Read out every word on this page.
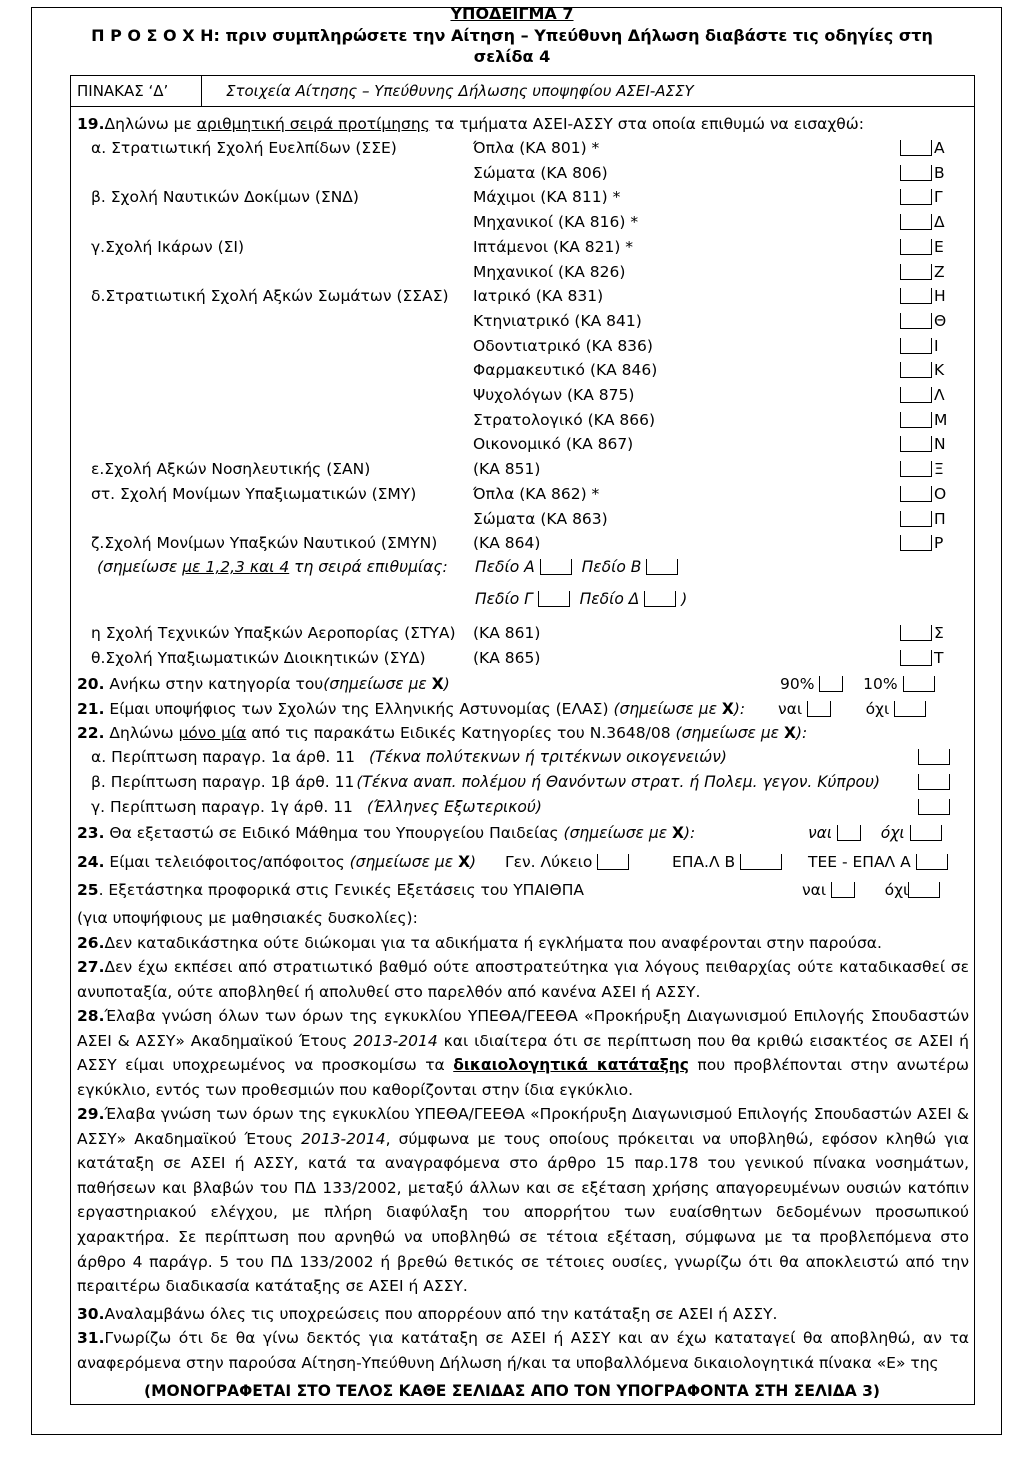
ΥΠΟΔΕΙΓΜΑ 7
Π Ρ Ο Σ Ο Χ Η: πριν συμπληρώσετε την Αίτηση – Υπεύθυνη Δήλωση διαβάστε τις οδηγίες στη
σελίδα 4
ΠΙΝΑΚΑΣ ‘Δ’	Στοιχεία Αίτησης – Υπεύθυνης Δήλωσης υποψηφίου ΑΣΕΙ-ΑΣΣΥ
19.Δηλώνω με αριθμητική σειρά προτίμησης τα τμήματα ΑΣΕΙ-ΑΣΣΥ στα οποία επιθυμώ να εισαχθώ:
α. Στρατιωτική Σχολή Ευελπίδων (ΣΣΕ)	Όπλα (ΚΑ 801) *	Α
Σώματα (ΚΑ 806)	Β
β. Σχολή Ναυτικών Δοκίμων (ΣΝΔ)	Μάχιμοι (ΚΑ 811) *	Γ
Μηχανικοί (ΚΑ 816) *	Δ
γ.Σχολή Ικάρων (ΣΙ)	Ιπτάμενοι (ΚΑ 821) *	Ε
Μηχανικοί (ΚΑ 826)	Ζ
δ.Στρατιωτική Σχολή Αξκών Σωμάτων (ΣΣΑΣ) Ιατρικό (ΚΑ 831)	Η
Κτηνιατρικό (ΚΑ 841)	Θ
Οδοντιατρικό (ΚΑ 836)	Ι
Φαρμακευτικό (ΚΑ 846)	Κ
Ψυχολόγων (ΚΑ 875)	Λ
Στρατολογικό (ΚΑ 866)	Μ
Οικονομικό (ΚΑ 867)	Ν
ε.Σχολή Αξκών Νοσηλευτικής (ΣΑΝ)	(ΚΑ 851)	Ξ
στ. Σχολή Μονίμων Υπαξιωματικών (ΣΜΥ)	Όπλα (ΚΑ 862) *	Ο
Σώματα (ΚΑ 863)	Π
ζ.Σχολή Μονίμων Υπαξκών Ναυτικού (ΣΜΥΝ) (ΚΑ 864)	Ρ
(σημείωσε με 1,2,3 και 4 τη σειρά επιθυμίας: Πεδίο Α	Πεδίο Β
Πεδίο Γ	Πεδίο Δ	)
η Σχολή Τεχνικών Υπαξκών Αεροπορίας (ΣΤΥΑ) (ΚΑ 861)	Σ
θ.Σχολή Υπαξιωματικών Διοικητικών (ΣΥΔ)	(ΚΑ 865)	Τ
20. Ανήκω στην κατηγορία του(σημείωσε με Χ)	90%	10%
21. Είμαι υποψήφιος των Σχολών της Ελληνικής Αστυνομίας (ΕΛΑΣ) (σημείωσε με Χ): ναι	όχι
22. Δηλώνω μόνο μία από τις παρακάτω Ειδικές Κατηγορίες του Ν.3648/08 (σημείωσε με Χ):
α. Περίπτωση παραγρ. 1α άρθ. 11 (Τέκνα πολύτεκνων ή τριτέκνων οικογενειών)
β. Περίπτωση παραγρ. 1β άρθ. 11 (Τέκνα αναπ. πολέμου ή Θανόντων στρατ. ή Πολεμ. γεγον. Κύπρου)
γ. Περίπτωση παραγρ. 1γ άρθ. 11 (Έλληνες Εξωτερικού)
23. Θα εξεταστώ σε Ειδικό Μάθημα του Υπουργείου Παιδείας (σημείωσε με Χ):	ναι	όχι
24. Είμαι τελειόφοιτος/απόφοιτος (σημείωσε με Χ) Γεν. Λύκειο	ΕΠΑ.Λ Β	ΤΕΕ - ΕΠΑΛ Α
25. Εξετάστηκα προφορικά στις Γενικές Εξετάσεις του ΥΠΑΙΘΠΑ	ναι	όχι
(για υποψήφιους με μαθησιακές δυσκολίες):
26.Δεν καταδικάστηκα ούτε διώκομαι για τα αδικήματα ή εγκλήματα που αναφέρονται στην παρούσα.
27.Δεν έχω εκπέσει από στρατιωτικό βαθμό ούτε αποστρατεύτηκα για λόγους πειθαρχίας ούτε καταδικασθεί σε ανυποταξία, ούτε αποβληθεί ή απολυθεί στο παρελθόν από κανένα ΑΣΕΙ ή ΑΣΣΥ.
28.Έλαβα γνώση όλων των όρων της εγκυκλίου ΥΠΕΘΑ/ΓΕΕΘΑ «Προκήρυξη Διαγωνισμού Επιλογής Σπουδαστών ΑΣΕΙ & ΑΣΣΥ» Ακαδημαϊκού Έτους 2013-2014 και ιδιαίτερα ότι σε περίπτωση που θα κριθώ εισακτέος σε ΑΣΕΙ ή ΑΣΣΥ είμαι υποχρεωμένος να προσκομίσω τα δικαιολογητικά κατάταξης που προβλέπονται στην ανωτέρω εγκύκλιο, εντός των προθεσμιών που καθορίζονται στην ίδια εγκύκλιο.
29.Έλαβα γνώση των όρων της εγκυκλίου ΥΠΕΘΑ/ΓΕΕΘΑ «Προκήρυξη Διαγωνισμού Επιλογής Σπουδαστών ΑΣΕΙ & ΑΣΣΥ» Ακαδημαϊκού Έτους 2013-2014, σύμφωνα με τους οποίους πρόκειται να υποβληθώ, εφόσον κληθώ για κατάταξη σε ΑΣΕΙ ή ΑΣΣΥ, κατά τα αναγραφόμενα στο άρθρο 15 παρ.178 του γενικού πίνακα νοσημάτων, παθήσεων και βλαβών του ΠΔ 133/2002, μεταξύ άλλων και σε εξέταση χρήσης απαγορευμένων ουσιών κατόπιν εργαστηριακού ελέγχου, με πλήρη διαφύλαξη του απορρήτου των ευαίσθητων δεδομένων προσωπικού χαρακτήρα. Σε περίπτωση που αρνηθώ να υποβληθώ σε τέτοια εξέταση, σύμφωνα με τα προβλεπόμενα στο άρθρο 4 παράγρ. 5 του ΠΔ 133/2002 ή βρεθώ θετικός σε τέτοιες ουσίες, γνωρίζω ότι θα αποκλειστώ από την περαιτέρω διαδικασία κατάταξης σε ΑΣΕΙ ή ΑΣΣΥ.
30.Αναλαμβάνω όλες τις υποχρεώσεις που απορρέουν από την κατάταξη σε ΑΣΕΙ ή ΑΣΣΥ.
31.Γνωρίζω ότι δε θα γίνω δεκτός για κατάταξη σε ΑΣΕΙ ή ΑΣΣΥ και αν έχω καταταγεί θα αποβληθώ, αν τα αναφερόμενα στην παρούσα Αίτηση-Υπεύθυνη Δήλωση ή/και τα υποβαλλόμενα δικαιολογητικά πίνακα «Ε» της
(ΜΟΝΟΓΡΑΦΕΤΑΙ ΣΤΟ ΤΕΛΟΣ ΚΑΘΕ ΣΕΛΙΔΑΣ ΑΠΟ ΤΟΝ ΥΠΟΓΡΑΦΟΝΤΑ ΣΤΗ ΣΕΛΙΔΑ 3)
